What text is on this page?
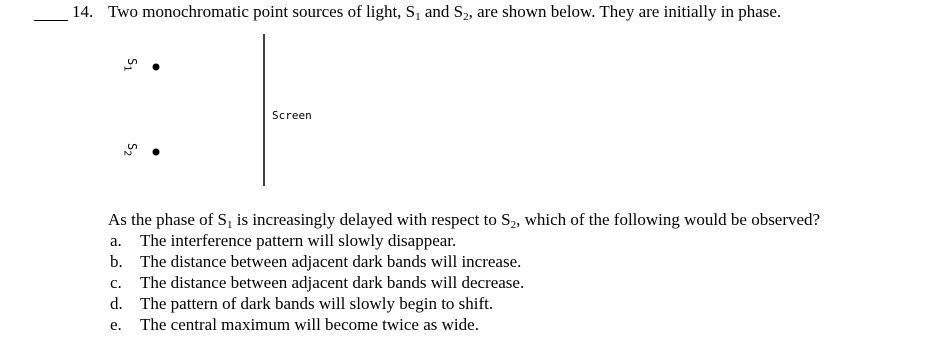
14. Two monochromatic point sources of light, $S_1$ and $S_2$, are shown below. They are initially in phase.
$S_1$
$S_2$
Screen
As the phase of $S_1$ is increasingly delayed with respect to $S_2$, which of the following would be observed?
a. The interference pattern will slowly disappear.
b. The distance between adjacent dark bands will increase.
c. The distance between adjacent dark bands will decrease.
d. The pattern of dark bands will slowly begin to shift.
e. The central maximum will become twice as wide.
